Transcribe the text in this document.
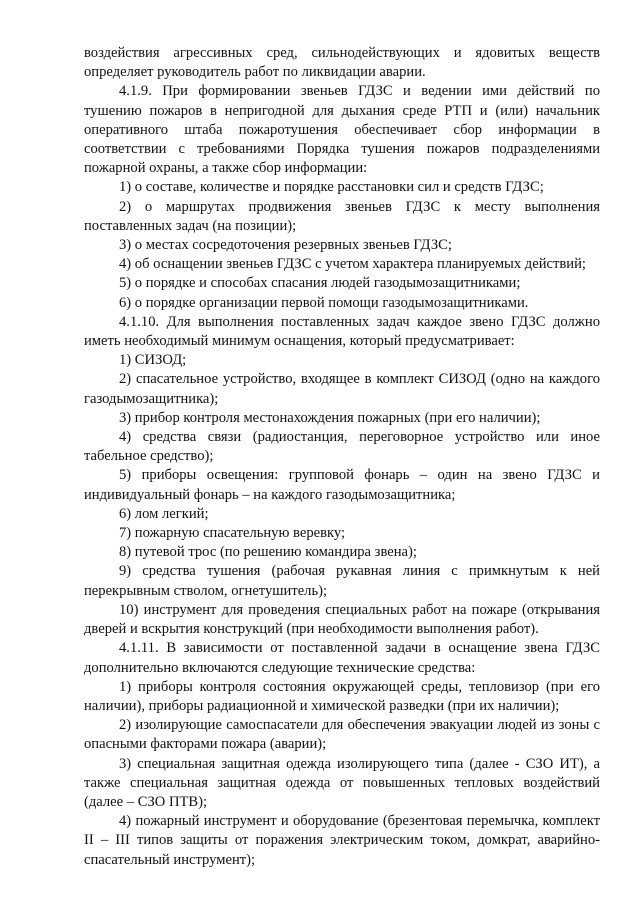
воздействия агрессивных сред, сильнодействующих и ядовитых веществ определяет руководитель работ по ликвидации аварии.

4.1.9. При формировании звеньев ГДЗС и ведении ими действий по тушению пожаров в непригодной для дыхания среде РТП и (или) начальник оперативного штаба пожаротушения обеспечивает сбор информации в соответствии с требованиями Порядка тушения пожаров подразделениями пожарной охраны, а также сбор информации:

1) о составе, количестве и порядке расстановки сил и средств ГДЗС;

2) о маршрутах продвижения звеньев ГДЗС к месту выполнения поставленных задач (на позиции);

3) о местах сосредоточения резервных звеньев ГДЗС;

4) об оснащении звеньев ГДЗС с учетом характера планируемых действий;

5) о порядке и способах спасания людей газодымозащитниками;

6) о порядке организации первой помощи газодымозащитниками.

4.1.10. Для выполнения поставленных задач каждое звено ГДЗС должно иметь необходимый минимум оснащения, который предусматривает:

1) СИЗОД;

2) спасательное устройство, входящее в комплект СИЗОД (одно на каждого газодымозащитника);

3) прибор контроля местонахождения пожарных (при его наличии);

4) средства связи (радиостанция, переговорное устройство или иное табельное средство);

5) приборы освещения: групповой фонарь – один на звено ГДЗС и индивидуальный фонарь – на каждого газодымозащитника;

6) лом легкий;

7) пожарную спасательную веревку;

8) путевой трос (по решению командира звена);

9) средства тушения (рабочая рукавная линия с примкнутым к ней перекрывным стволом, огнетушитель);

10) инструмент для проведения специальных работ на пожаре (открывания дверей и вскрытия конструкций (при необходимости выполнения работ).

4.1.11. В зависимости от поставленной задачи в оснащение звена ГДЗС дополнительно включаются следующие технические средства:

1) приборы контроля состояния окружающей среды, тепловизор (при его наличии), приборы радиационной и химической разведки (при их наличии);

2) изолирующие самоспасатели для обеспечения эвакуации людей из зоны с опасными факторами пожара (аварии);

3) специальная защитная одежда изолирующего типа (далее - СЗО ИТ), а также специальная защитная одежда от повышенных тепловых воздействий (далее – СЗО ПТВ);

4) пожарный инструмент и оборудование (брезентовая перемычка, комплект II – III типов защиты от поражения электрическим током, домкрат, аварийно-спасательный инструмент);
